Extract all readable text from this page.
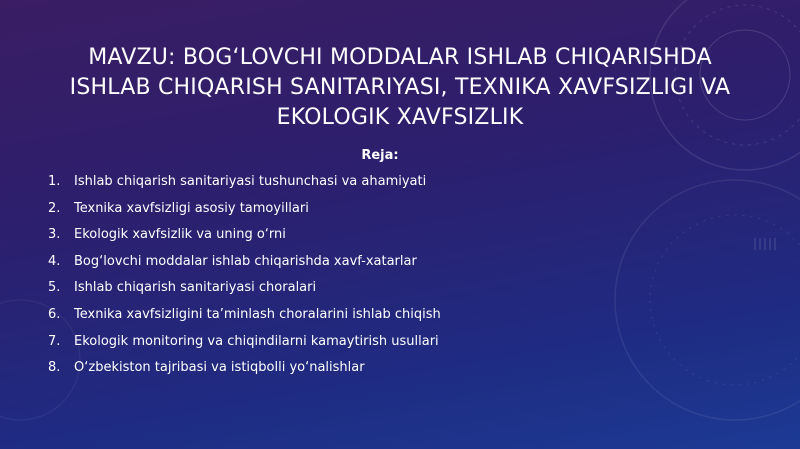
MAVZU: BOG‘LOVCHI MODDALAR ISHLAB CHIQARISHDA ISHLAB CHIQARISH SANITARIYASI, TEXNIKA XAVFSIZLIGI VA EKOLOGIK XAVFSIZLIK
Reja:
1.	Ishlab chiqarish sanitariyasi tushunchasi va ahamiyati
2.	Texnika xavfsizligi asosiy tamoyillari
3.	Ekologik xavfsizlik va uning o‘rni
4.	Bog‘lovchi moddalar ishlab chiqarishda xavf-xatarlar
5.	Ishlab chiqarish sanitariyasi choralari
6.	Texnika xavfsizligini ta’minlash choralarini ishlab chiqish
7.	Ekologik monitoring va chiqindilarni kamaytirish usullari
8.	O‘zbekiston tajribasi va istiqbolli yo‘nalishlar
